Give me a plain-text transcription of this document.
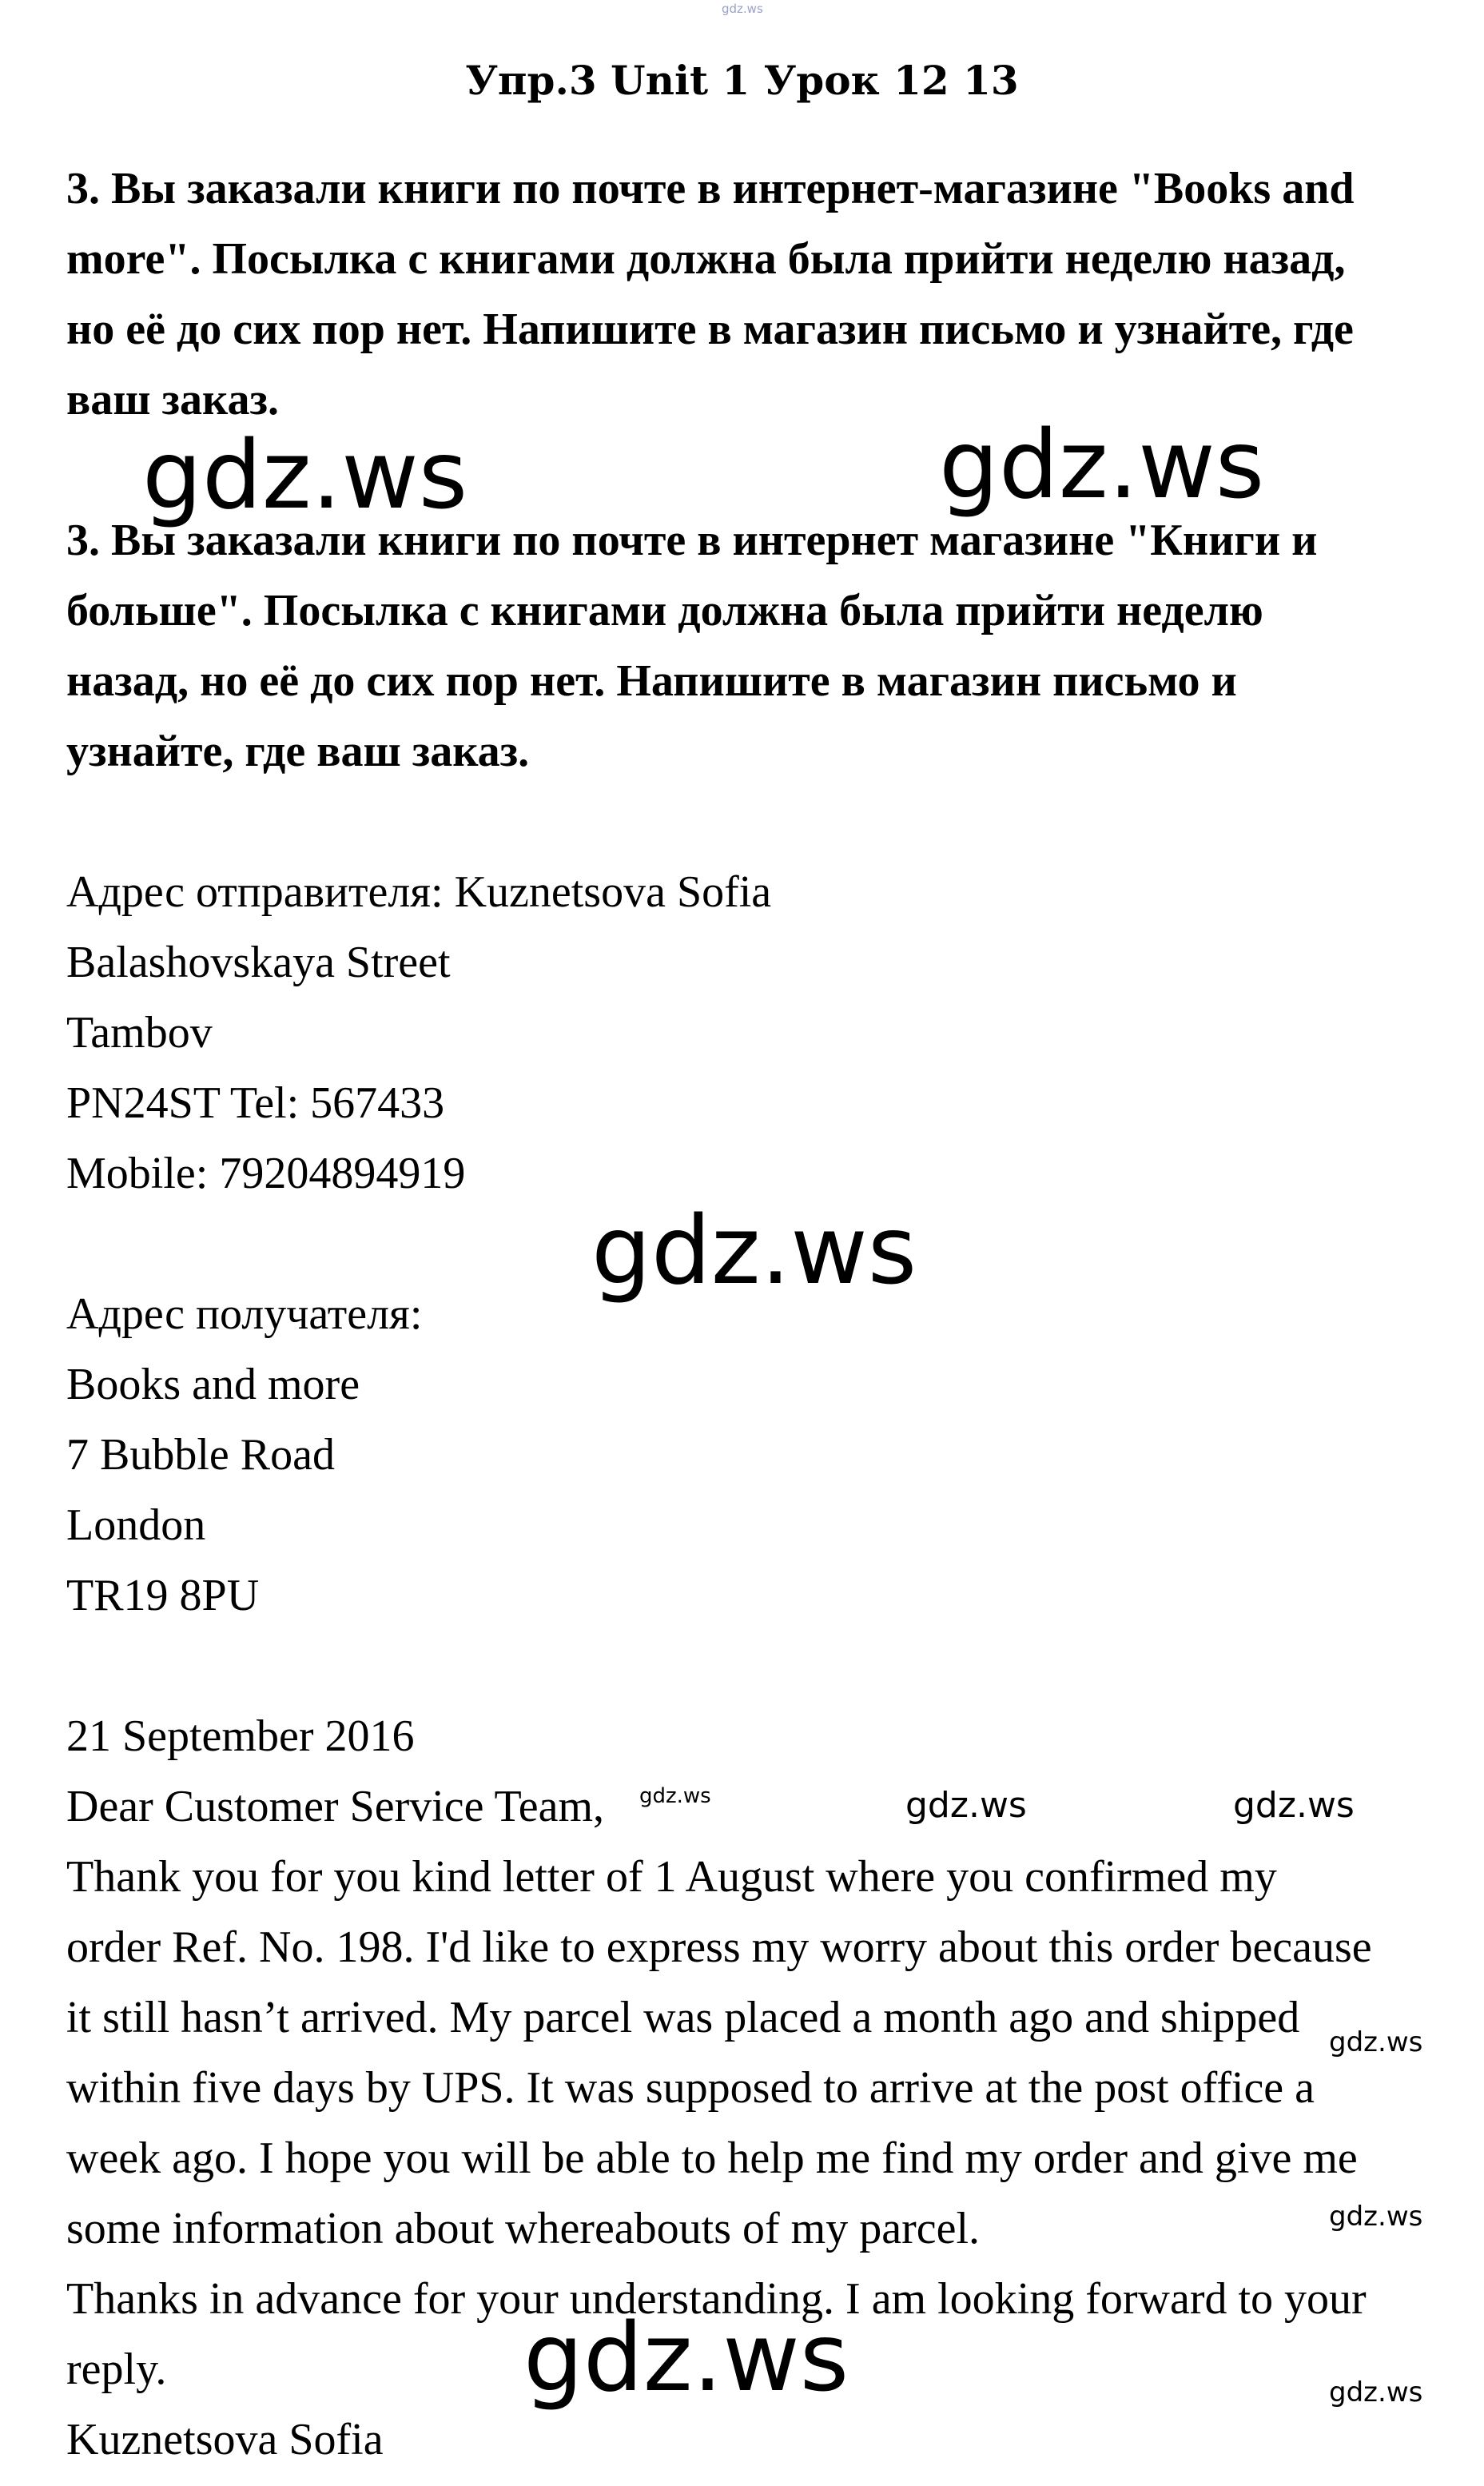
gdz.ws
Упр.3 Unit 1 Урок 12 13
3. Вы заказали книги по почте в интернет-магазине "Books and
more". Посылка с книгами должна была прийти неделю назад,
но её до сих пор нет. Напишите в магазин письмо и узнайте, где
ваш заказ.
3. Вы заказали книги по почте в интернет магазине "Книги и
больше". Посылка с книгами должна была прийти неделю
назад, но её до сих пор нет. Напишите в магазин письмо и
узнайте, где ваш заказ.
Адрес отправителя: Kuznetsova Sofia
Balashovskaya Street
Tambov
PN24ST Tel: 567433
Mobile: 79204894919
Адрес получателя:
Books and more
7 Bubble Road
London
TR19 8PU
21 September 2016
Dear Customer Service Team,
Thank you for you kind letter of 1 August where you confirmed my
order Ref. No. 198. I'd like to express my worry about this order because
it still hasn’t arrived. My parcel was placed a month ago and shipped
within five days by UPS. It was supposed to arrive at the post office a
week ago. I hope you will be able to help me find my order and give me
some information about whereabouts of my parcel.
Thanks in advance for your understanding. I am looking forward to your
reply.
Kuznetsova Sofia
gdz.ws	gdz.ws
gdz.ws
gdz.ws
gdz.ws	gdz.ws	gdz.ws
gdz.ws
gdz.ws
gdz.ws
